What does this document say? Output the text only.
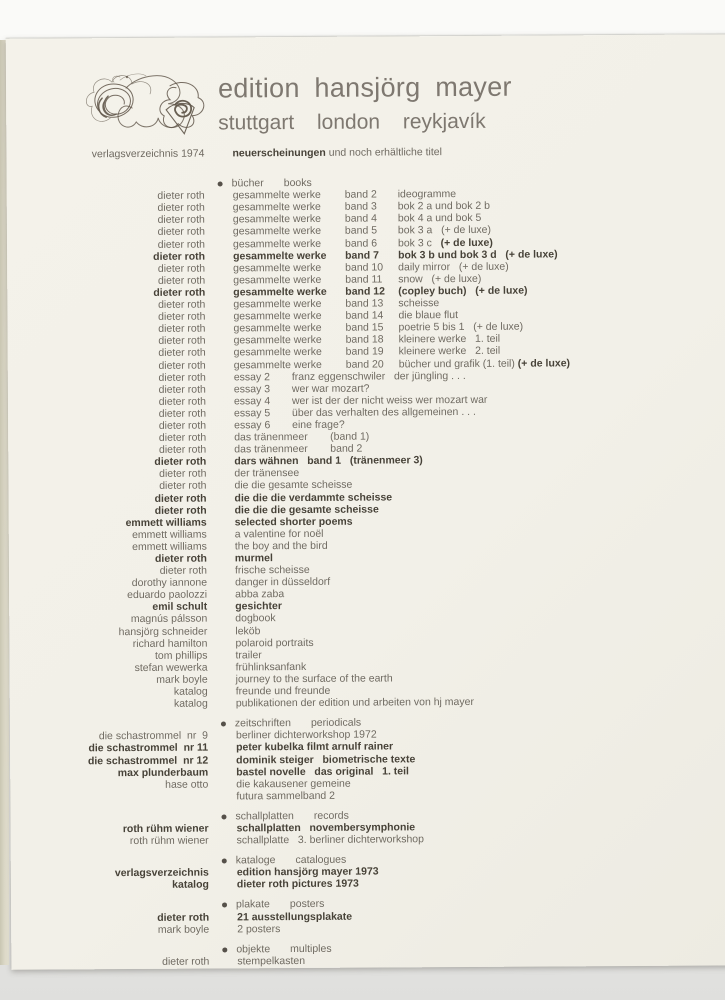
edition hansjörg mayer
stuttgart london reykjavík
verlagsverzeichnis 1974	neuerscheinungen und noch erhältliche titel
bücher books
dieter roth	gesammelte werke band 2 ideogramme
dieter roth	gesammelte werke band 3 bok 2 a und bok 2 b
dieter roth	gesammelte werke band 4 bok 4 a und bok 5
dieter roth	gesammelte werke band 5 bok 3 a   (+ de luxe)
dieter roth	gesammelte werke band 6 bok 3 c   (+ de luxe)
dieter roth	gesammelte werke band 7 bok 3 b und bok 3 d   (+ de luxe)
dieter roth	gesammelte werke band 10 daily mirror   (+ de luxe)
dieter roth	gesammelte werke band 11 snow   (+ de luxe)
dieter roth	gesammelte werke band 12 (copley buch)   (+ de luxe)
dieter roth	gesammelte werke band 13 scheisse
dieter roth	gesammelte werke band 14 die blaue flut
dieter roth	gesammelte werke band 15 poetrie 5 bis 1   (+ de luxe)
dieter roth	gesammelte werke band 18 kleinere werke   1. teil
dieter roth	gesammelte werke band 19 kleinere werke   2. teil
dieter roth	gesammelte werke band 20 bücher und grafik (1. teil) (+ de luxe)
dieter roth	essay 2 franz eggenschwiler   der jüngling . . .
dieter roth	essay 3 wer war mozart?
dieter roth	essay 4 wer ist der der nicht weiss wer mozart war
dieter roth	essay 5 über das verhalten des allgemeinen . . .
dieter roth	essay 6 eine frage?
dieter roth	das tränenmeer (band 1)
dieter roth	das tränenmeer band 2
dieter roth	dars wähnen   band 1   (tränenmeer 3)
dieter roth	der tränensee
dieter roth	die die gesamte scheisse
dieter roth	die die die verdammte scheisse
dieter roth	die die die gesamte scheisse
emmett williams	selected shorter poems
emmett williams	a valentine for noël
emmett williams	the boy and the bird
dieter roth	murmel
dieter roth	frische scheisse
dorothy iannone	danger in düsseldorf
eduardo paolozzi	abba zaba
emil schult	gesichter
magnús pálsson	dogbook
hansjörg schneider	leköb
richard hamilton	polaroid portraits
tom phillips	trailer
stefan wewerka	frühlinksanfank
mark boyle	journey to the surface of the earth
katalog	freunde und freunde
katalog	publikationen der edition und arbeiten von hj mayer
zeitschriften periodicals
die schastrommel  nr  9	berliner dichterworkshop 1972
die schastrommel  nr 11	peter kubelka filmt arnulf rainer
die schastrommel  nr 12	dominik steiger   biometrische texte
max plunderbaum	bastel novelle   das original   1. teil
hase otto	die kakausener gemeine
futura sammelband 2
schallplatten records
roth rühm wiener	schallplatten   novembersymphonie
roth rühm wiener	schallplatte   3. berliner dichterworkshop
kataloge catalogues
verlagsverzeichnis	edition hansjörg mayer 1973
katalog	dieter roth pictures 1973
plakate posters
dieter roth	21 ausstellungsplakate
mark boyle	2 posters
objekte multiples
dieter roth	stempelkasten
